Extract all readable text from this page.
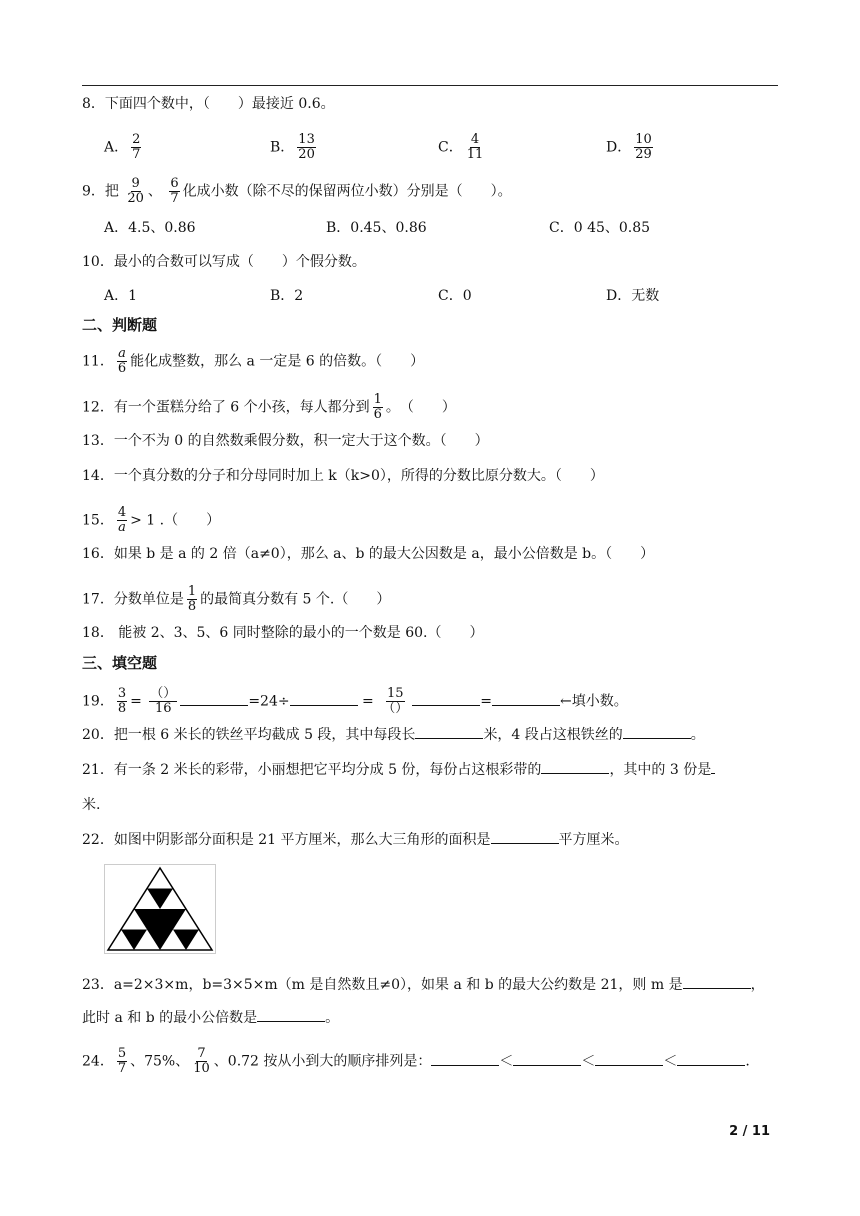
8．下面四个数中，（　　）最接近 0.6。
A． $\frac{2}{7}$	B． $\frac{13}{20}$	C． $\frac{4}{11}$	D． $\frac{10}{29}$
9．把 $\frac{9}{20}$ 、 $\frac{6}{7}$ 化成小数（除不尽的保留两位小数）分别是（　　）。
A．4.5、0.86	B．0.45、0.86	C．0 45、0.85
10．最小的合数可以写成（　　）个假分数。
A．1	B．2	C．0	D．无数
二、判断题
11． $\frac{a}{6}$ 能化成整数，那么 a 一定是 6 的倍数。（　　）
12．有一个蛋糕分给了 6 个小孩，每人都分到 $\frac{1}{6}$ 。　（　　）
13．一个不为 0 的自然数乘假分数，积一定大于这个数。（　　）
14．一个真分数的分子和分母同时加上 k（k>0），所得的分数比原分数大。（　　）
15． $\frac{4}{a} > 1$ .（　　）
16．如果 b 是 a 的 2 倍（a≠0），那么 a、b 的最大公因数是 a，最小公倍数是 b。（　　）
17．分数单位是 $\frac{1}{8}$ 的最简真分数有 5 个.（　　）
18． 能被 2、3、5、6 同时整除的最小的一个数是 60.（　　）
三、填空题
19． $\frac{3}{8} = \frac{()}{16}$	=24÷	= $\frac{15}{()}$	=	←填小数。
20．把一根 6 米长的铁丝平均截成 5 段，其中每段长	米，4 段占这根铁丝的	。
21．有一条 2 米长的彩带，小丽想把它平均分成 5 份，每份占这根彩带的	，其中的 3 份是
米.
22．如图中阴影部分面积是 21 平方厘米，那么大三角形的面积是	平方厘米。
23．a=2×3×m，b=3×5×m（m 是自然数且≠0），如果 a 和 b 的最大公约数是 21，则 m 是	，
此时 a 和 b 的最小公倍数是	。
24． $\frac{5}{7}$ 、75%、 $\frac{7}{10}$ 、0.72 按从小到大的顺序排列是：	＜	＜	＜	.
2 / 11
